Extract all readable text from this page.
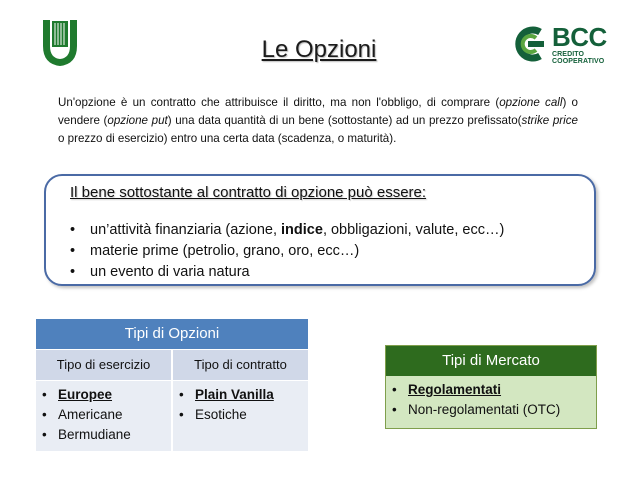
BCC
CREDITO COOPERATIVO
Le Opzioni
Un'opzione è un contratto che attribuisce il diritto, ma non l'obbligo, di comprare (opzione call) o vendere (opzione put) una data quantità di un bene (sottostante) ad un prezzo prefissato(strike price o prezzo di esercizio) entro una certa data (scadenza, o maturità).
Il bene sottostante al contratto di opzione può essere:
• un’attività finanziaria (azione, indice, obbligazioni, valute, ecc…)
• materie prime (petrolio, grano, oro, ecc…)
• un evento di varia natura
Tipi di Opzioni
Tipo di esercizio	Tipo di contratto
• Europee
• Americane
• Bermudiane
• Plain Vanilla
• Esotiche
Tipi di Mercato
• Regolamentati
• Non-regolamentati (OTC)
